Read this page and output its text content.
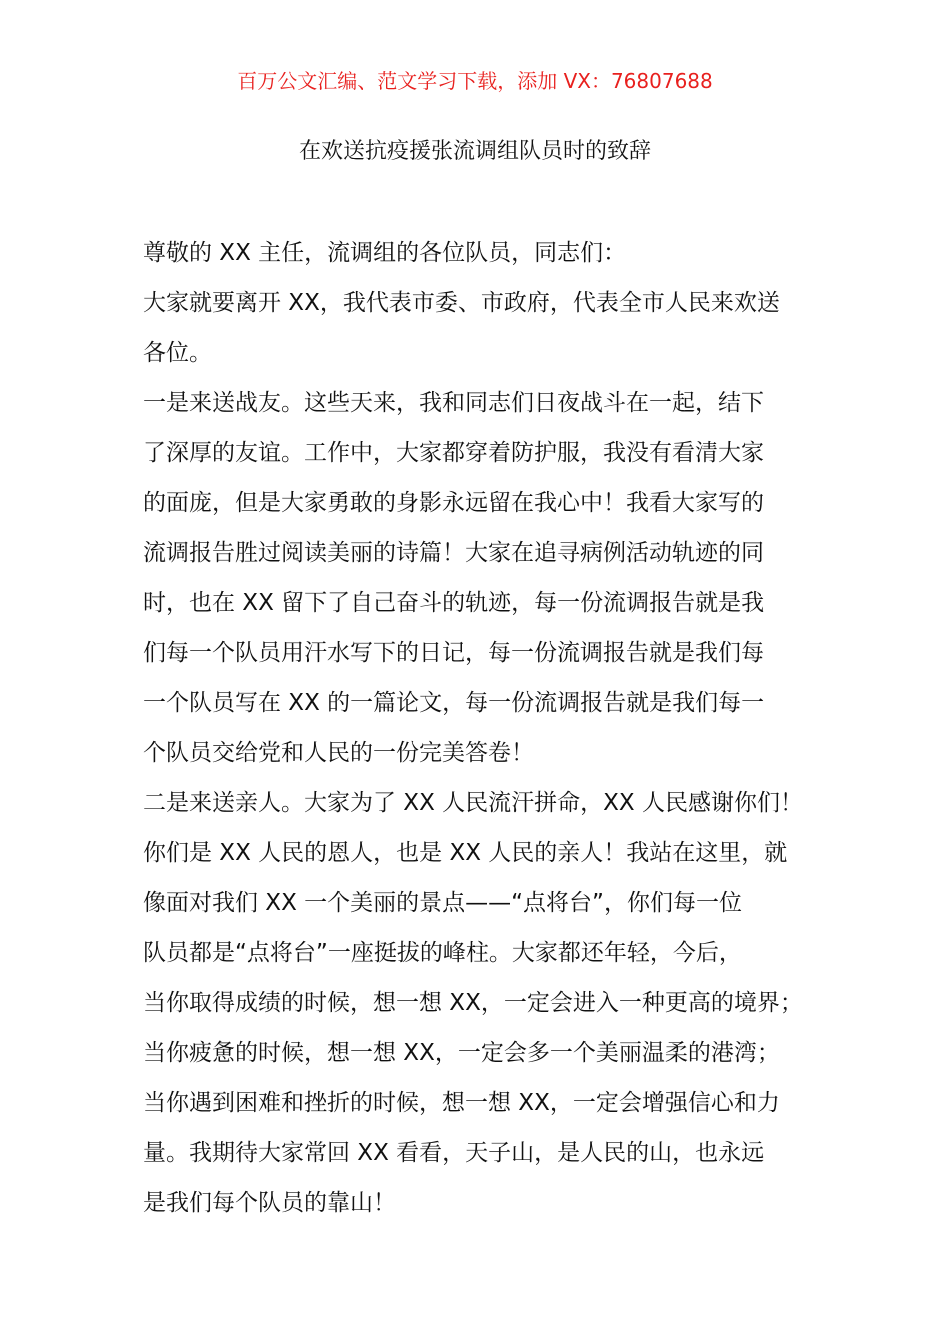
百万公文汇编、范文学习下载，添加 VX：76807688
在欢送抗疫援张流调组队员时的致辞
尊敬的 XX 主任，流调组的各位队员，同志们：
大家就要离开 XX，我代表市委、市政府，代表全市人民来欢送
各位。
一是来送战友。这些天来，我和同志们日夜战斗在一起，结下
了深厚的友谊。工作中，大家都穿着防护服，我没有看清大家
的面庞，但是大家勇敢的身影永远留在我心中！我看大家写的
流调报告胜过阅读美丽的诗篇！大家在追寻病例活动轨迹的同
时，也在 XX 留下了自己奋斗的轨迹，每一份流调报告就是我
们每一个队员用汗水写下的日记，每一份流调报告就是我们每
一个队员写在 XX 的一篇论文，每一份流调报告就是我们每一
个队员交给党和人民的一份完美答卷！
二是来送亲人。大家为了 XX 人民流汗拼命，XX 人民感谢你们！
你们是 XX 人民的恩人，也是 XX 人民的亲人！我站在这里，就
像面对我们 XX 一个美丽的景点——“点将台”，你们每一位
队员都是“点将台”一座挺拔的峰柱。大家都还年轻，今后，
当你取得成绩的时候，想一想 XX，一定会进入一种更高的境界；
当你疲惫的时候，想一想 XX，一定会多一个美丽温柔的港湾；
当你遇到困难和挫折的时候，想一想 XX，一定会增强信心和力
量。我期待大家常回 XX 看看，天子山，是人民的山，也永远
是我们每个队员的靠山！
